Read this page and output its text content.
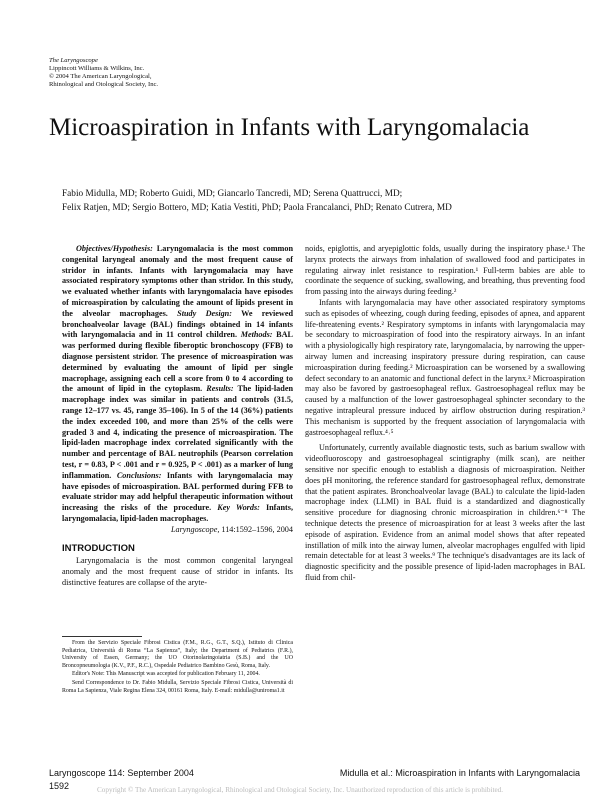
The Laryngoscope
Lippincott Williams & Wilkins, Inc.
© 2004 The American Laryngological,
Rhinological and Otological Society, Inc.
Microaspiration in Infants with Laryngomalacia
Fabio Midulla, MD; Roberto Guidi, MD; Giancarlo Tancredi, MD; Serena Quattrucci, MD;
Felix Ratjen, MD; Sergio Bottero, MD; Katia Vestiti, PhD; Paola Francalanci, PhD; Renato Cutrera, MD

Objectives/Hypothesis: Laryngomalacia is the most common congenital laryngeal anomaly and the most frequent cause of stridor in infants. Infants with laryngomalacia may have associated respiratory symptoms other than stridor. In this study, we evaluated whether infants with laryngomalacia have episodes of microaspiration by calculating the amount of lipids present in the alveolar macrophages. Study Design: We reviewed bronchoalveolar lavage (BAL) findings obtained in 14 infants with laryngomalacia and in 11 control children. Methods: BAL was performed during flexible fiberoptic bronchoscopy (FFB) to diagnose persistent stridor. The presence of microaspiration was determined by evaluating the amount of lipid per single macrophage, assigning each cell a score from 0 to 4 according to the amount of lipid in the cytoplasm. Results: The lipid-laden macrophage index was similar in patients and controls (31.5, range 12–177 vs. 45, range 35–106). In 5 of the 14 (36%) patients the index exceeded 100, and more than 25% of the cells were graded 3 and 4, indicating the presence of microaspiration. The lipid-laden macrophage index correlated significantly with the number and percentage of BAL neutrophils (Pearson correlation test, r = 0.83, P < .001 and r = 0.925, P < .001) as a marker of lung inflammation. Conclusions: Infants with laryngomalacia may have episodes of microaspiration. BAL performed during FFB to evaluate stridor may add helpful therapeutic information without increasing the risks of the procedure. Key Words: Infants, laryngomalacia, lipid-laden macrophages.

Laryngoscope, 114:1592–1596, 2004

INTRODUCTION

Laryngomalacia is the most common congenital laryngeal anomaly and the most frequent cause of stridor in infants. Its distinctive features are collapse of the aryte-

noids, epiglottis, and aryepiglottic folds, usually during the inspiratory phase.¹ The larynx protects the airways from inhalation of swallowed food and participates in regulating airway inlet resistance to respiration.¹ Full-term babies are able to coordinate the sequence of sucking, swallowing, and breathing, thus preventing food from passing into the airways during feeding.²

Infants with laryngomalacia may have other associated respiratory symptoms such as episodes of wheezing, cough during feeding, episodes of apnea, and apparent life-threatening events.² Respiratory symptoms in infants with laryngomalacia may be secondary to microaspiration of food into the respiratory airways. In an infant with a physiologically high respiratory rate, laryngomalacia, by narrowing the upper-airway lumen and increasing inspiratory pressure during respiration, can cause microaspiration during feeding.² Microaspiration can be worsened by a swallowing defect secondary to an anatomic and functional defect in the larynx.² Microaspiration may also be favored by gastroesophageal reflux. Gastroesophageal reflux may be caused by a malfunction of the lower gastroesophageal sphincter secondary to the negative intrapleural pressure induced by airflow obstruction during respiration.³ This mechanism is supported by the frequent association of laryngomalacia with gastroesophageal reflux.⁴˒⁵

Unfortunately, currently available diagnostic tests, such as barium swallow with videofluoroscopy and gastroesophageal scintigraphy (milk scan), are neither sensitive nor specific enough to establish a diagnosis of microaspiration. Neither does pH monitoring, the reference standard for gastroesophageal reflux, demonstrate that the patient aspirates. Bronchoalveolar lavage (BAL) to calculate the lipid-laden macrophage index (LLMI) in BAL fluid is a standardized and diagnostically sensitive procedure for diagnosing chronic microaspiration in children.⁶⁻⁸ The technique detects the presence of microaspiration for at least 3 weeks after the last episode of aspiration. Evidence from an animal model shows that after repeated instillation of milk into the airway lumen, alveolar macrophages engulfed with lipid remain detectable for at least 3 weeks.⁹ The technique's disadvantages are its lack of diagnostic specificity and the possible presence of lipid-laden macrophages in BAL fluid from chil-

From the Servizio Speciale Fibrosi Cistica (F.M., R.G., G.T., S.Q.), Istituto di Clinica Pediatrica, Università di Roma “La Sapienza”, Italy; the Department of Pediatrics (F.R.), University of Essen, Germany; the UO Otorinolaringoiatria (S.B.) and the UO Broncopneumologia (K.V., P.F., R.C.), Ospedale Pediatrico Bambino Gesù, Roma, Italy.

Editor's Note: This Manuscript was accepted for publication February 11, 2004.

Send Correspondence to Dr. Fabio Midulla, Servizio Speciale Fibrosi Cistica, Università di Roma La Sapienza, Viale Regina Elena 324, 00161 Roma, Italy. E-mail: midulla@uniroma1.it

Laryngoscope 114: September 2004	Midulla et al.: Microaspiration in Infants with Laryngomalacia
1592	Copyright © The American Laryngological, Rhinological and Otological Society, Inc. Unauthorized reproduction of this article is prohibited.
